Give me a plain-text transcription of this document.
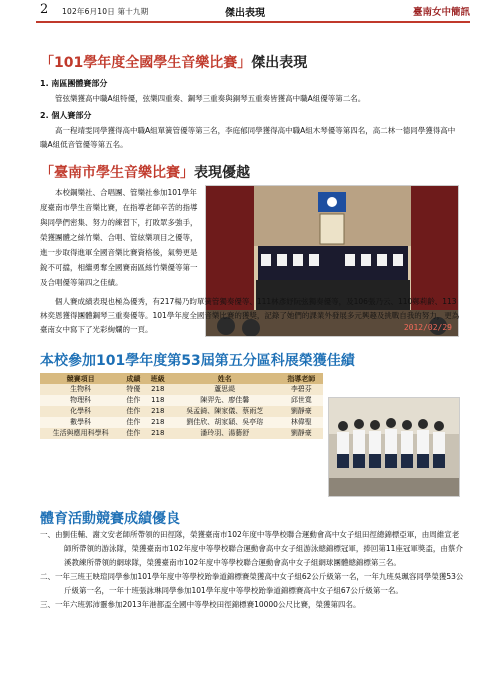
2 102年6月10日 第十九期	傑出表現	臺南女中簡訊
「101學年度全國學生音樂比賽」傑出表現
1. 南區團體賽部分
管弦樂獲高中職A組特優，弦樂四重奏、鋼琴三重奏與銅琴五重奏皆獲高中職A組優等第二名。
2. 個人賽部分
高一程靖雯同學獲得高中職A組單簧管優等第三名，李庭郁同學獲得高中職A組木琴優等第四名，高二林一德同學獲得高中職A組低音管優等第五名。
「臺南市學生音樂比賽」表現優越
本校鋼樂社、合唱團、管樂社參加101學年度臺南市學生音樂比賽，在指導老師辛苦的指導與同學們密集、努力的練習下，打敗眾多強手，榮獲團體之絲竹樂、合唱、管絃樂項目之優等，進一步取得進軍全國音樂比賽資格後，氣勢更是銳不可擋，相繼勇奪全國賽南區絲竹樂優等第一及合唱優等第四之佳績。
2012/02/29
個人賽成績表現也極為優秀，有217楊乃昀單簧管獨奏優等、111林彥妤阮弦獨奏優等，及106張乃云、110鄭莉齡、113林奕恩獲得團體鋼琴三重奏優等。101學年度全國音樂比賽的獲獎，記錄了她們的課業外發展多元興趣及挑戰自我的努力，更為臺南女中寫下了光彩絢爛的一頁。
本校參加101學年度第53屆第五分區科展榮獲佳績
競賽項目	成績	班級	姓名	指導老師
生物科	特優	218	蘆思緹	李碧芬
物理科	佳作	118	陳羿先、廖佳馨	邱世寬
化學科	佳作	218	吳孟錡、陳家儀、蔡雨芝	劉靜豪
數學科	佳作	218	劉佳欣、胡家穎、吳亭瑢	林偉聖
生活與應用科學科	佳作	218	潘玲羽、湯藝舒	劉靜豪
體育活動競賽成績優良
一、由劉佳輔、謝文安老師所帶領的田徑隊，榮獲臺南市102年度中等學校聯合運動會高中女子組田徑總錦標亞軍，由周維宣老師所帶領的游泳隊，榮獲臺南市102年度中等學校聯合運動會高中女子組游泳總錦標冠軍，捧回第11座冠軍獎盃，由蔡介溪教練所帶領的網球隊，榮獲臺南市102年度中等學校聯合運動會高中女子組網球團體總錦標第三名。
二、一年三班王映瑄同學參加101學年度中等學校跆拳道錦標賽榮獲高中女子組62公斤級第一名，一年九班吳珮容同學榮獲53公斤級第一名，一年十班張詠琳同學參加101學年度中等學校跆拳道錦標賽高中女子組67公斤級第一名。
三、一年六班郭沛靈參加2013年港都盃全國中等學校田徑錦標賽10000公尺比賽，榮獲第四名。
